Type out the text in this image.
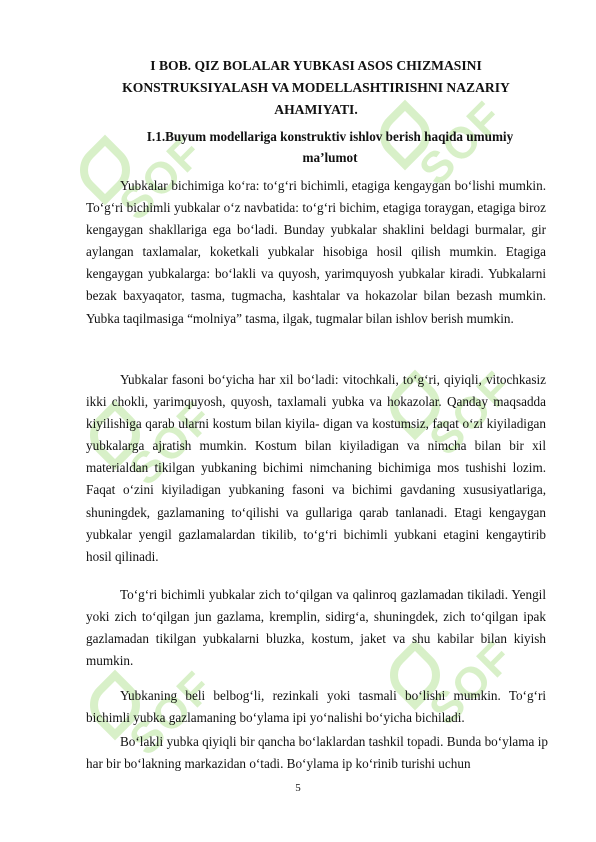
SOF	SOF
SOF	SOF
SOF	SOF
I BOB. QIZ BOLALAR YUBKASI ASOS CHIZMASINI
KONSTRUKSIYALASH VA MODELLASHTIRISHNI NAZARIY
AHAMIYATI.
I.1.Buyum modellariga konstruktiv ishlov berish haqida umumiy ma’lumot

Yubkalar bichimiga ko‘ra: to‘g‘ri bichimli, etagiga kengaygan bo‘lishi mumkin. To‘g‘ri bichimli yubkalar o‘z navbatida: to‘g‘ri bichim, etagiga toraygan, etagiga biroz kengaygan shakllariga ega bo‘ladi. Bunday yubkalar shaklini beldagi burmalar, gir aylangan taxlamalar, koketkali yubkalar hisobiga hosil qilish mumkin. Etagiga kengaygan yubkalarga: bo‘lakli va quyosh, yarimquyosh yubkalar kiradi. Yubkalarni bezak baxyaqator, tasma, tugmacha, kashtalar va hokazolar bilan bezash mumkin. Yubka taqilmasiga “molniya” tasma, ilgak, tugmalar bilan ishlov berish mumkin.

Yubkalar fasoni bo‘yicha har xil bo‘ladi: vitochkali, to‘g‘ri, qiyiqli, vitochkasiz ikki chokli, yarimquyosh, quyosh, taxlamali yubka va hokazolar. Qanday maqsadda kiyilishiga qarab ularni kostum bilan kiyila- digan va kostumsiz, faqat o‘zi kiyiladigan yubkalarga ajratish mumkin. Kostum bilan kiyiladigan va nimcha bilan bir xil materialdan tikilgan yubkaning bichimi nimchaning bichimiga mos tushishi lozim. Faqat o‘zini kiyiladigan yubkaning fasoni va bichimi gavdaning xususiyatlariga, shuningdek, gazlamaning to‘qilishi va gullariga qarab tanlanadi. Etagi kengaygan yubkalar yengil gazlamalardan tikilib, to‘g‘ri bichimli yubkani etagini kengaytirib hosil qilinadi.

To‘g‘ri bichimli yubkalar zich to‘qilgan va qalinroq gazlamadan tikiladi. Yengil yoki zich to‘qilgan jun gazlama, kremplin, sidirg‘a, shuningdek, zich to‘qilgan ipak gazlamadan tikilgan yubkalarni bluzka, kostum, jaket va shu kabilar bilan kiyish mumkin.

Yubkaning beli belbog‘li, rezinkali yoki tasmali bo‘lishi mumkin. To‘g‘ri bichimli yubka gazlamaning bo‘ylama ipi yo‘nalishi bo‘yicha bichiladi.

Bo‘lakli yubka qiyiqli bir qancha bo‘laklardan tashkil topadi. Bunda bo‘ylama ip har bir bo‘lakning markazidan o‘tadi. Bo‘ylama ip ko‘rinib turishi uchun

5
